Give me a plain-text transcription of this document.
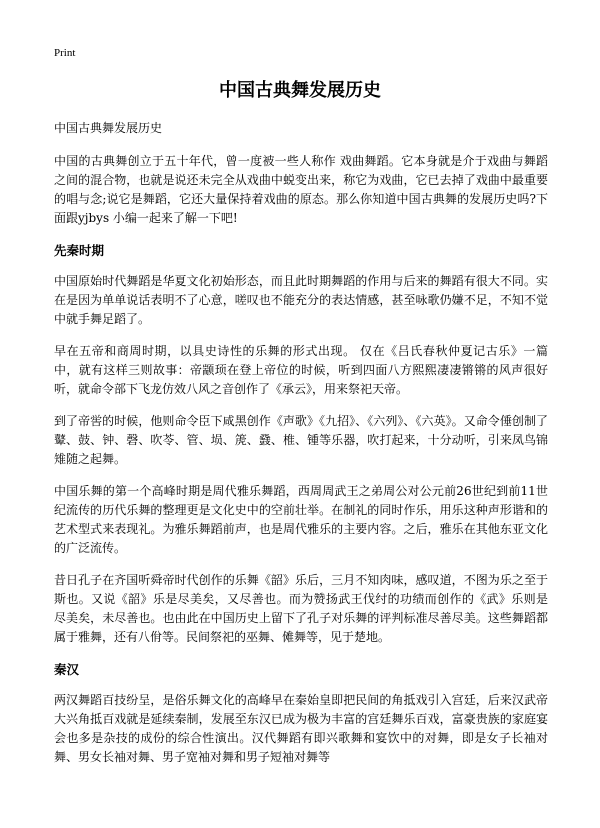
Print
中国古典舞发展历史
中国古典舞发展历史

中国的古典舞创立于五十年代，曾一度被一些人称作 戏曲舞蹈。它本身就是介于戏曲与舞蹈之间的混合物，也就是说还未完全从戏曲中蜕变出来，称它为戏曲，它已去掉了戏曲中最重要的唱与念;说它是舞蹈，它还大量保持着戏曲的原态。那么你知道中国古典舞的发展历史吗?下面跟yjbys 小编一起来了解一下吧!

先秦时期

中国原始时代舞蹈是华夏文化初始形态，而且此时期舞蹈的作用与后来的舞蹈有很大不同。实在是因为单单说话表明不了心意，嗟叹也不能充分的表达情感，甚至咏歌仍嫌不足，不知不觉中就手舞足蹈了。

早在五帝和商周时期，以具史诗性的乐舞的形式出现。 仅在《吕氏春秋仲夏记古乐》一篇中，就有这样三则故事：帝颛顼在登上帝位的时候，听到四面八方熙熙凄凄锵锵的风声很好听，就命令部下飞龙仿效八风之音创作了《承云》，用来祭祀天帝。

到了帝喾的时候，他则命令臣下咸黑创作《声歌》《九招》、《六列》、《六英》。又命令倕创制了鼙、鼓、钟、磬、吹苓、管、埙、箎、鼗、椎、锺等乐器，吹打起来，十分动听，引来凤鸟锦雉随之起舞。

中国乐舞的第一个高峰时期是周代雅乐舞蹈，西周周武王之弟周公对公元前26世纪到前11世纪流传的历代乐舞的整理更是文化史中的空前壮举。在制礼的同时作乐，用乐这种声形谐和的艺术型式来表现礼。为雅乐舞蹈前声，也是周代雅乐的主要内容。之后，雅乐在其他东亚文化的广泛流传。

昔日孔子在齐国听舜帝时代创作的乐舞《韶》乐后，三月不知肉味，感叹道，不图为乐之至于斯也。又说《韶》乐是尽美矣，又尽善也。而为赞扬武王伐纣的功绩而创作的《武》乐则是 尽美矣，未尽善也。也由此在中国历史上留下了孔子对乐舞的评判标准尽善尽美。这些舞蹈都属于雅舞，还有八佾等。民间祭祀的巫舞、傩舞等，见于楚地。

秦汉

两汉舞蹈百技纷呈，是俗乐舞文化的高峰早在秦始皇即把民间的角抵戏引入宫廷，后来汉武帝大兴角抵百戏就是延续秦制，发展至东汉已成为极为丰富的宫廷舞乐百戏，富豪贵族的家庭宴会也多是杂技的成份的综合性演出。汉代舞蹈有即兴歌舞和宴饮中的对舞，即是女子长袖对舞、男女长袖对舞、男子宽袖对舞和男子短袖对舞等
